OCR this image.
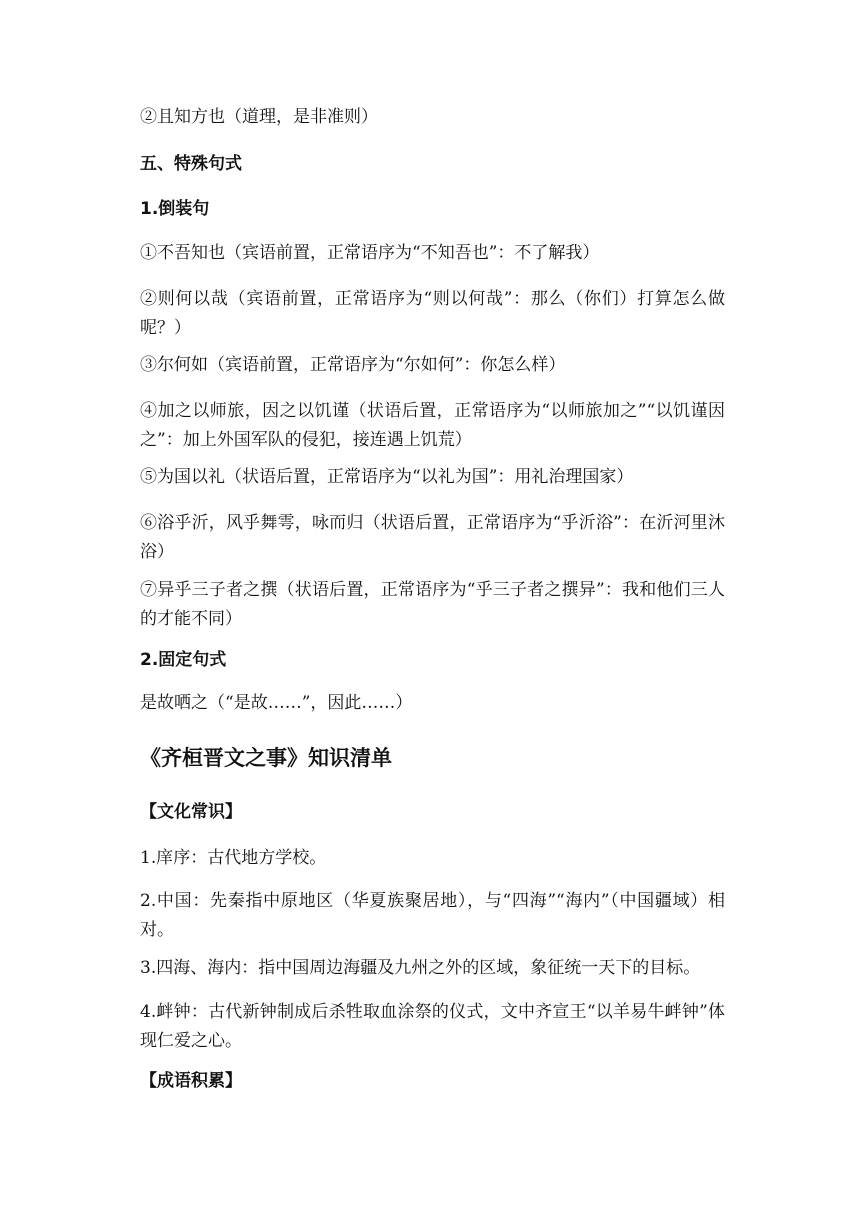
②且知方也（道理，是非准则）
五、特殊句式
1.倒装句
①不吾知也（宾语前置，正常语序为“不知吾也”：不了解我）
②则何以哉（宾语前置，正常语序为“则以何哉”：那么（你们）打算怎么做呢？）
③尔何如（宾语前置，正常语序为“尔如何”：你怎么样）
④加之以师旅，因之以饥谨（状语后置，正常语序为“以师旅加之”“以饥谨因之”：加上外国军队的侵犯，接连遇上饥荒）
⑤为国以礼（状语后置，正常语序为“以礼为国”：用礼治理国家）
⑥浴乎沂，风乎舞雩，咏而归（状语后置，正常语序为“乎沂浴”：在沂河里沐浴）
⑦异乎三子者之撰（状语后置，正常语序为“乎三子者之撰异”：我和他们三人的才能不同）
2.固定句式
是故哂之（“是故……”，因此……）
《齐桓晋文之事》知识清单
【文化常识】
1.庠序：古代地方学校。
2.中国：先秦指中原地区（华夏族聚居地），与“四海”“海内”（中国疆域）相对。
3.四海、海内：指中国周边海疆及九州之外的区域，象征统一天下的目标。
4.衅钟：古代新钟制成后杀牲取血涂祭的仪式，文中齐宣王“以羊易牛衅钟”体现仁爱之心。
【成语积累】
